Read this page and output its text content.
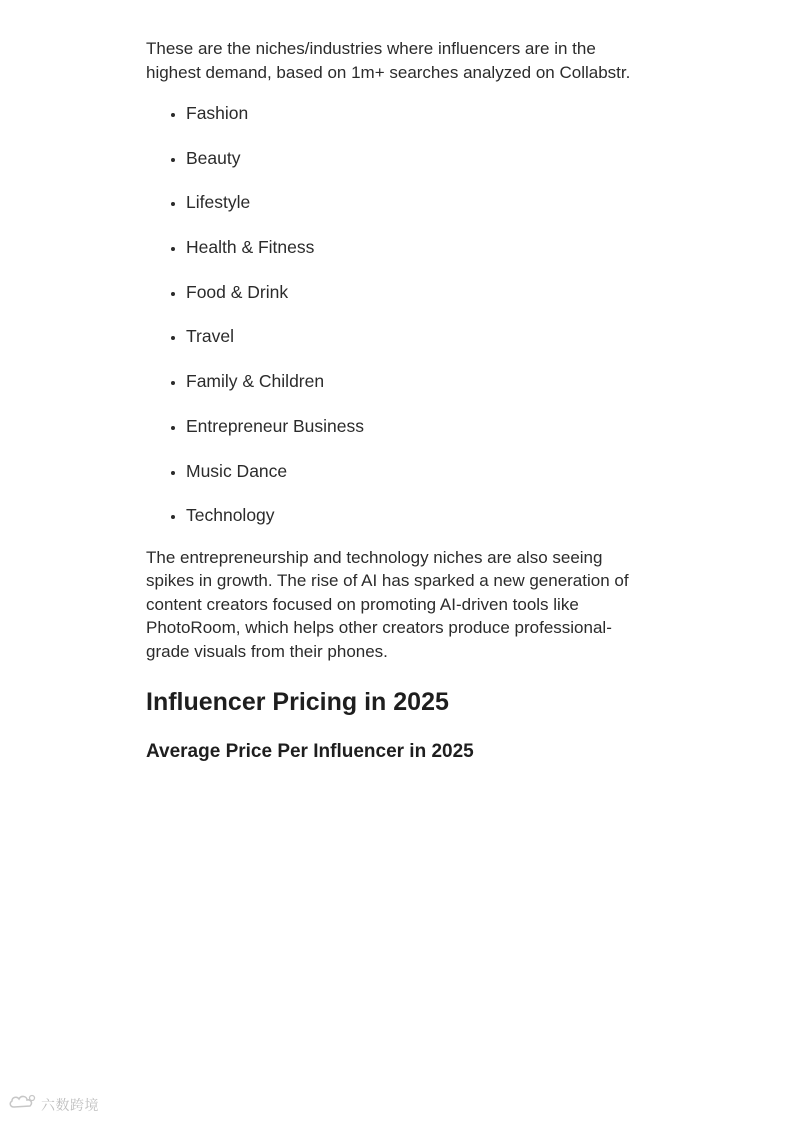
These are the niches/industries where influencers are in the highest demand, based on 1m+ searches analyzed on Collabstr.

• Fashion
• Beauty
• Lifestyle
• Health & Fitness
• Food & Drink
• Travel
• Family & Children
• Entrepreneur Business
• Music Dance
• Technology

The entrepreneurship and technology niches are also seeing spikes in growth. The rise of AI has sparked a new generation of content creators focused on promoting AI-driven tools like PhotoRoom, which helps other creators produce professional-grade visuals from their phones.

Influencer Pricing in 2025
Average Price Per Influencer in 2025
六数跨境
